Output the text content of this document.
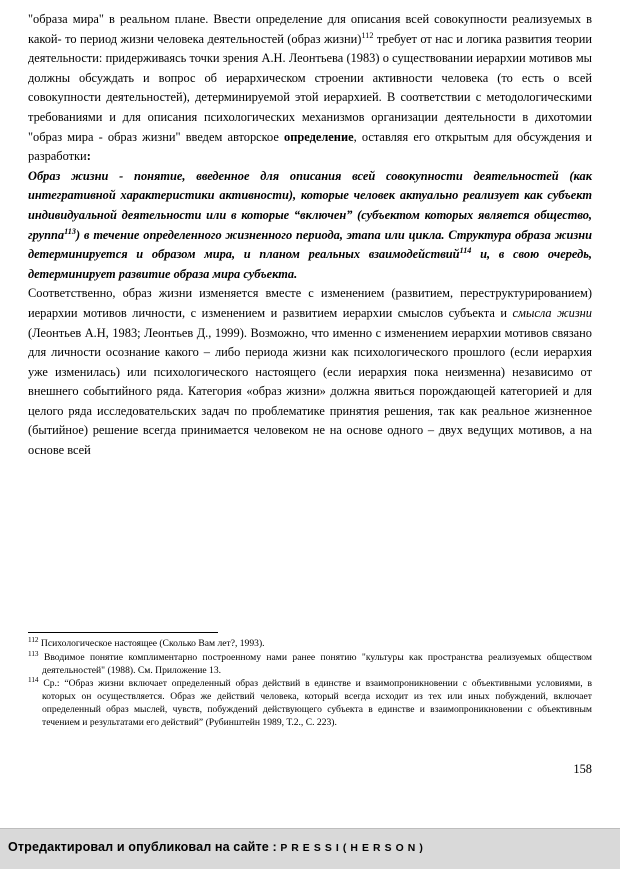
"образа мира" в реальном плане. Ввести определение для описания всей совокупности реализуемых в какой- то период жизни человека деятельностей (образ жизни)$^{112}$ требует от нас и логика развития теории деятельности: придерживаясь точки зрения А.Н. Леонтьева (1983) о существовании иерархии мотивов мы должны обсуждать и вопрос об иерархическом строении активности человека (то есть о всей совокупности деятельностей), детерминируемой этой иерархией. В соответствии с методологическими требованиями и для описания психологических механизмов организации деятельности в дихотомии "образ мира - образ жизни" введем авторское определение, оставляя его открытым для обсуждения и разработки:

Образ жизни - понятие, введенное для описания всей совокупности деятельностей (как интегративной характеристики активности), которые человек актуально реализует как субъект индивидуальной деятельности или в которые “включен” (субъектом которых является общество, группа$^{113}$) в течение определенного жизненного периода, этапа или цикла. Структура образа жизни детерминируется и образом мира, и планом реальных взаимодействий$^{114}$ и, в свою очередь, детерминирует развитие образа мира субъекта.

Соответственно, образ жизни изменяется вместе с изменением (развитием, переструктурированием) иерархии мотивов личности, с изменением и развитием иерархии смыслов субъекта и смысла жизни (Леонтьев А.Н, 1983; Леонтьев Д., 1999). Возможно, что именно с изменением иерархии мотивов связано для личности осознание какого – либо периода жизни как психологического прошлого (если иерархия уже изменилась) или психологического настоящего (если иерархия пока неизменна) независимо от внешнего событийного ряда. Категория «образ жизни» должна явиться порождающей категорией и для целого ряда исследовательских задач по проблематике принятия решения, так как реальное жизненное (бытийное) решение всегда принимается человеком не на основе одного – двух ведущих мотивов, а на основе всей

$^{112}$ Психологическое настоящее (Сколько Вам лет?, 1993).

$^{113}$ Вводимое понятие комплиментарно построенному нами ранее понятию "культуры как пространства реализуемых обществом деятельностей" (1988). См. Приложение 13.

$^{114}$ Ср.: “Образ жизни включает определенный образ действий в единстве и взаимопроникновении с объективными условиями, в которых он осуществляется. Образ же действий человека, который всегда исходит из тех или иных побуждений, включает определенный образ мыслей, чувств, побуждений действующего субъекта в единстве и взаимопроникновении с объективным течением и результатами его действий” (Рубинштейн 1989, Т.2., С. 223).

158
Отредактировал и опубликовал на сайте : P R E S S I ( H E R S O N )
